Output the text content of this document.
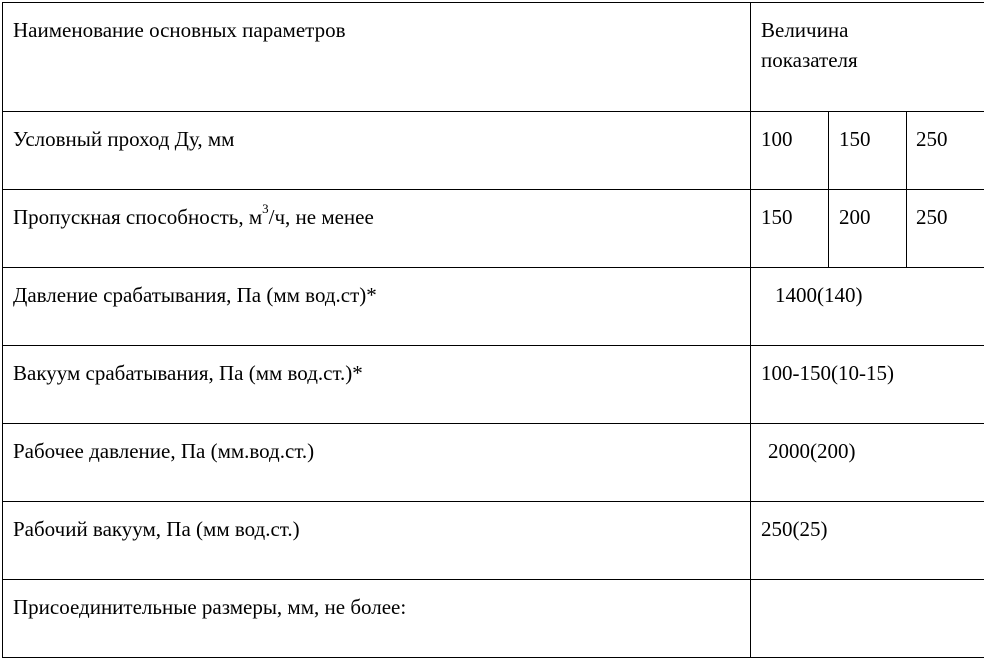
Наименование основных параметров	Величина
показателя		
Условный проход Ду, мм	100	150	250
Пропускная способность, $м^3/ч$, не менее	150	200	250
Давление срабатывания, Па (мм вод.ст)*	1400(140)		
Вакуум срабатывания, Па (мм вод.ст.)*	100-150(10-15)		
Рабочее давление, Па (мм.вод.ст.)	2000(200)		
Рабочий вакуум, Па (мм вод.ст.)	250(25)		
Присоединительные размеры, мм, не более:			
